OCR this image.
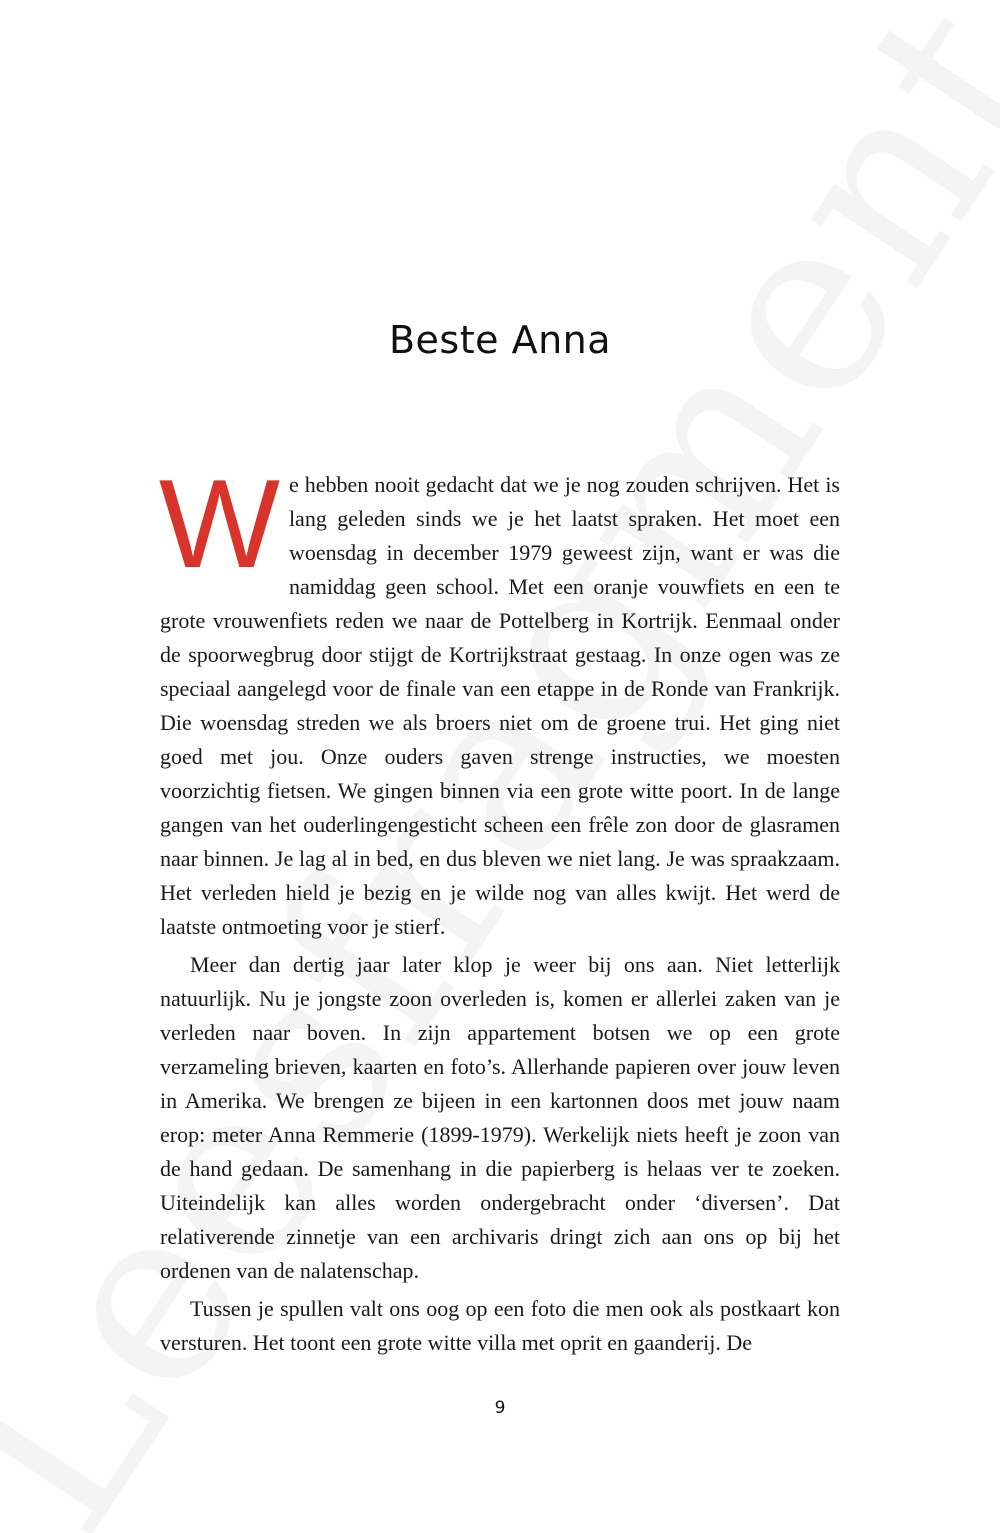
Beste Anna

We hebben nooit gedacht dat we je nog zouden schrijven. Het is lang geleden sinds we je het laatst spraken. Het moet een woensdag in december 1979 geweest zijn, want er was die namiddag geen school. Met een oranje vouwfiets en een te grote vrouwenfiets reden we naar de Pottelberg in Kortrijk. Eenmaal onder de spoorwegbrug door stijgt de Kortrijkstraat gestaag. In onze ogen was ze speciaal aangelegd voor de finale van een etappe in de Ronde van Frankrijk. Die woensdag streden we als broers niet om de groene trui. Het ging niet goed met jou. Onze ouders gaven strenge instructies, we moesten voorzichtig fietsen. We gingen binnen via een grote witte poort. In de lange gangen van het ouderlingengesticht scheen een frêle zon door de glasramen naar binnen. Je lag al in bed, en dus bleven we niet lang. Je was spraakzaam. Het verleden hield je bezig en je wilde nog van alles kwijt. Het werd de laatste ontmoeting voor je stierf.

Meer dan dertig jaar later klop je weer bij ons aan. Niet letterlijk natuurlijk. Nu je jongste zoon overleden is, komen er allerlei zaken van je verleden naar boven. In zijn appartement botsen we op een grote verzameling brieven, kaarten en foto’s. Allerhande papieren over jouw leven in Amerika. We brengen ze bijeen in een kartonnen doos met jouw naam erop: meter Anna Remmerie (1899-1979). Werkelijk niets heeft je zoon van de hand gedaan. De samenhang in die papierberg is helaas ver te zoeken. Uiteindelijk kan alles worden ondergebracht onder ‘diversen’. Dat relativerende zinnetje van een archivaris dringt zich aan ons op bij het ordenen van de nalatenschap.

Tussen je spullen valt ons oog op een foto die men ook als postkaart kon versturen. Het toont een grote witte villa met oprit en gaanderij. De

9
